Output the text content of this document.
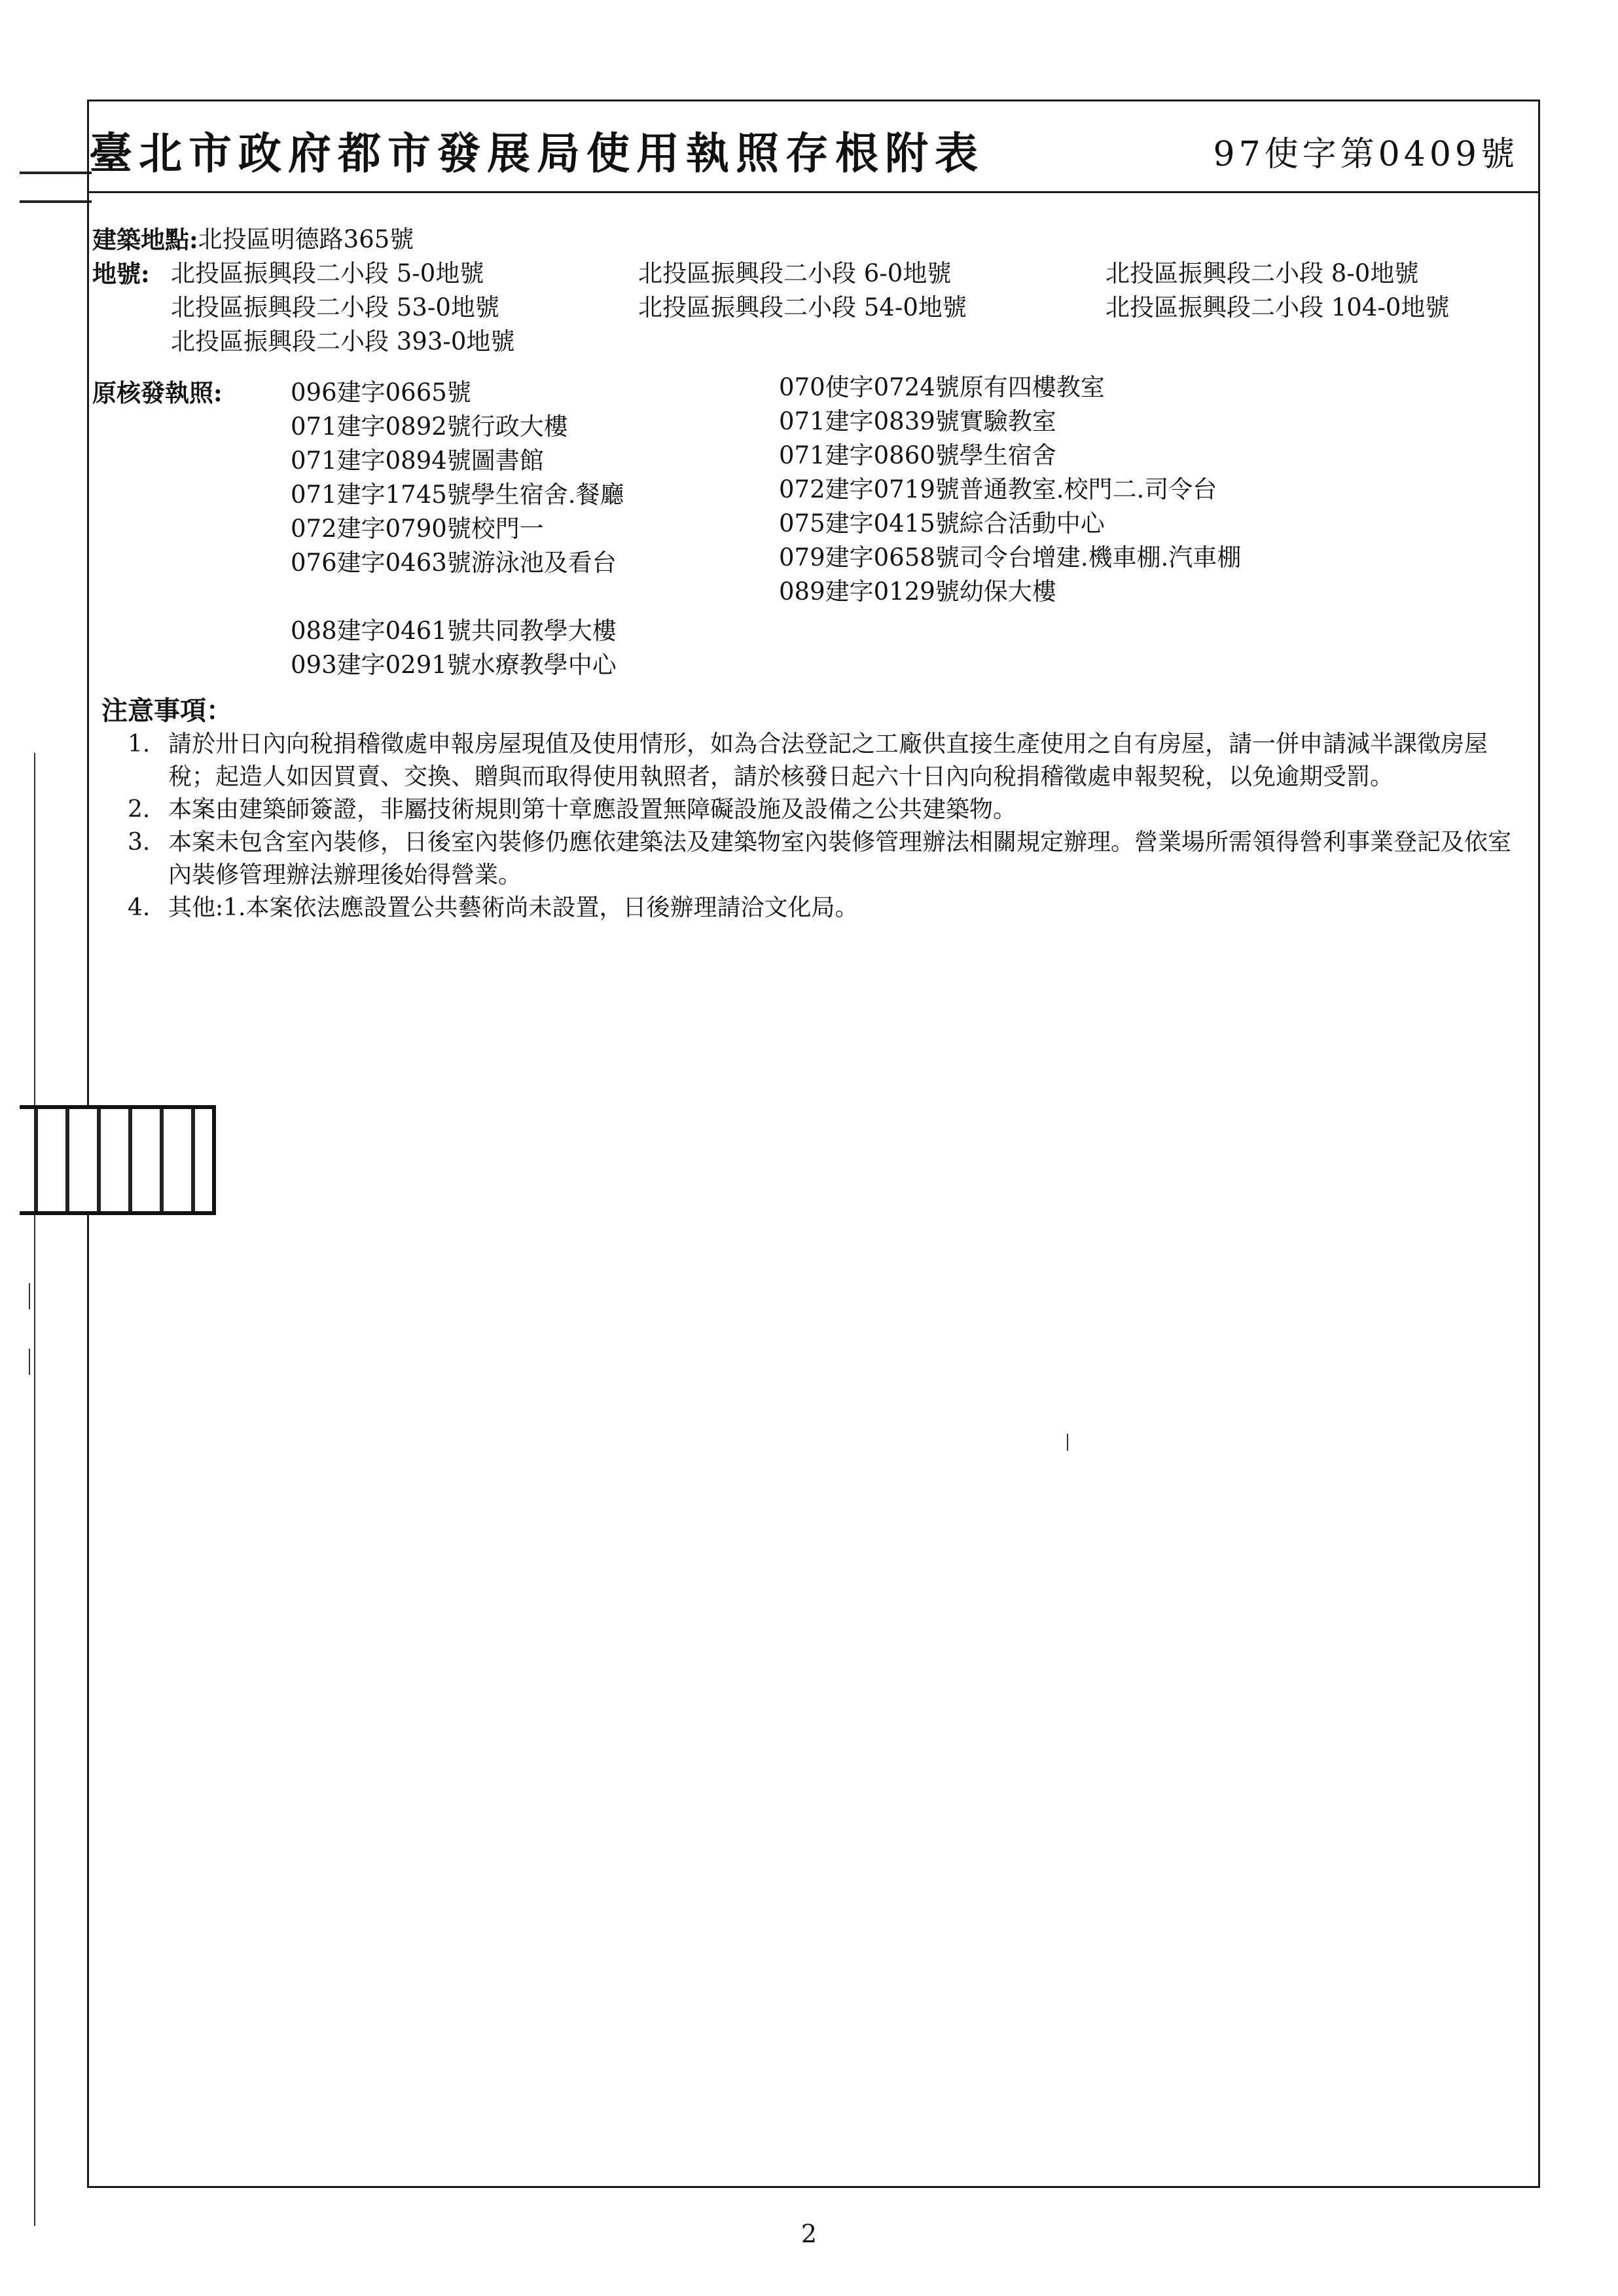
臺北市政府都市發展局使用執照存根附表	97使字第0409號
建築地點: 北投區明德路365號
地號: 北投區振興段二小段 5-0地號	北投區振興段二小段 6-0地號	北投區振興段二小段 8-0地號
北投區振興段二小段 53-0地號	北投區振興段二小段 54-0地號	北投區振興段二小段 104-0地號
北投區振興段二小段 393-0地號
原核發執照:	096建字0665號
071建字0892號行政大樓
071建字0894號圖書館
071建字1745號學生宿舍.餐廳
072建字0790號校門一
076建字0463號游泳池及看台
088建字0461號共同教學大樓
093建字0291號水療教學中心
070使字0724號原有四樓教室
071建字0839號實驗教室
071建字0860號學生宿舍
072建字0719號普通教室.校門二.司令台
075建字0415號綜合活動中心
079建字0658號司令台增建.機車棚.汽車棚
089建字0129號幼保大樓
注意事項：
1. 請於卅日內向稅捐稽徵處申報房屋現值及使用情形，如為合法登記之工廠供直接生產使用之自有房屋，請一併申請減半課徵房屋稅；起造人如因買賣、交換、贈與而取得使用執照者，請於核發日起六十日內向稅捐稽徵處申報契稅，以免逾期受罰。
2. 本案由建築師簽證，非屬技術規則第十章應設置無障礙設施及設備之公共建築物。
3. 本案未包含室內裝修，日後室內裝修仍應依建築法及建築物室內裝修管理辦法相關規定辦理。營業場所需領得營利事業登記及依室內裝修管理辦法辦理後始得營業。
4. 其他:1.本案依法應設置公共藝術尚未設置，日後辦理請洽文化局。
2
